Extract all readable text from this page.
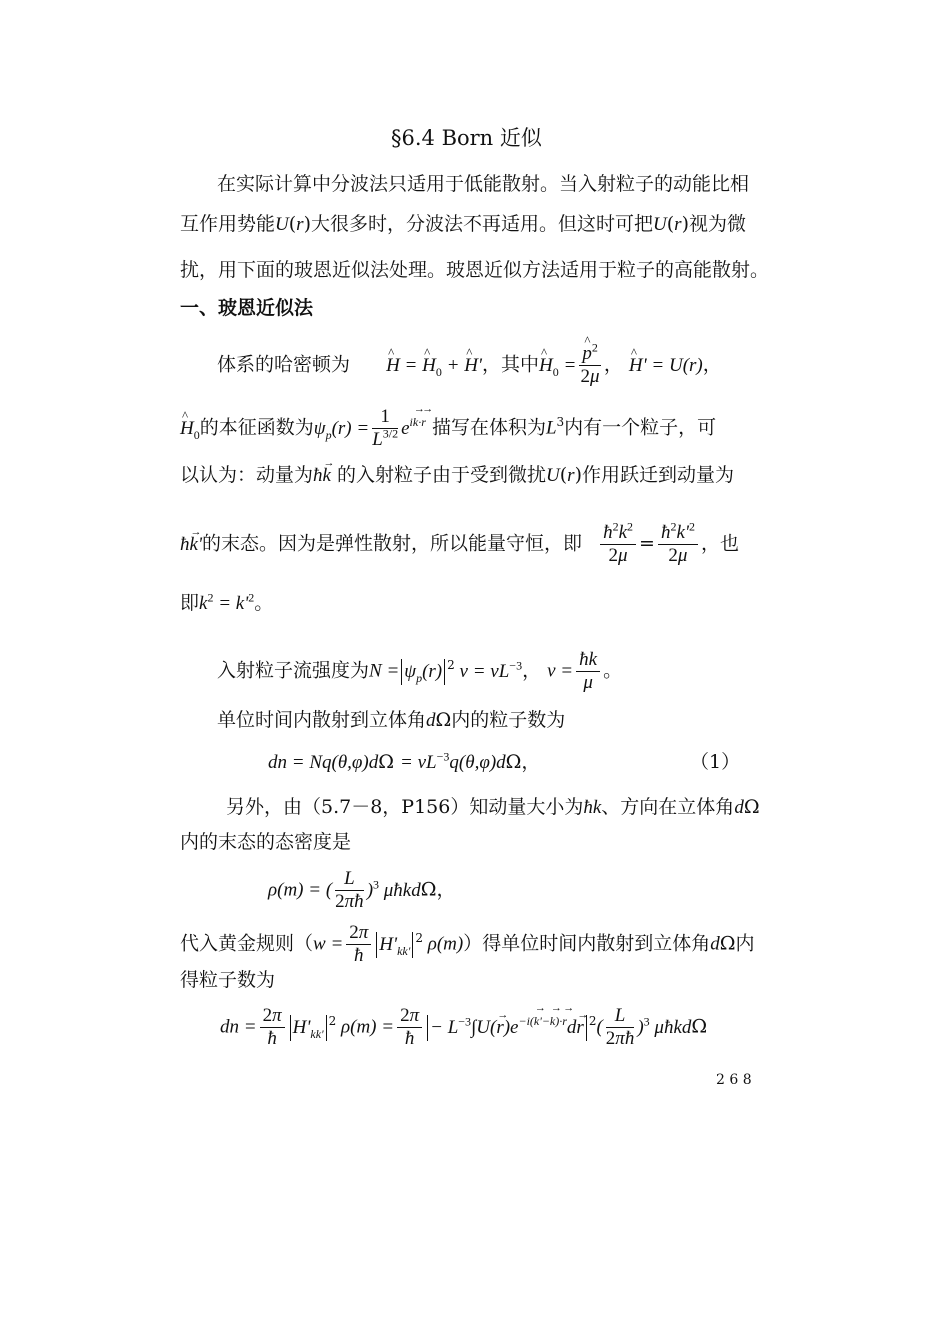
§6.4 Born 近似
在实际计算中分波法只适用于低能散射。当入射粒子的动能比相
互作用势能U(r)大很多时，分波法不再适用。但这时可把U(r)视为微
扰，用下面的玻恩近似法处理。玻恩近似方法适用于粒子的高能散射。
一、玻恩近似法
体系的哈密顿为 ^ H = ^ $H_0$ + ^ H'，其中^ $H_0$ = ^ $\frac{p^2}{2\mu}$ ， ^ H' = U(r)，
^ $H_0$的本征函数为$\psi_p(r) = \frac{1}{L^{3/2}} e^{ik\cdot r}$ 描写在体积为$L^3$内有一个粒子，可
以认为：动量为ħ→ k 的入射粒子由于受到微扰U(r)作用跃迁到动量为
ħ→ k'的末态。因为是弹性散射，所以能量守恒，即 $\frac{ħ^2k^2}{2\mu} = \frac{ħ^2k'^2}{2\mu}$ ，也
即$k^2 = k'^2$。
入射粒子流强度为$N = \psi_p(r)$ $^2$ $v = vL^{-3}$， $v = \frac{ħk}{\mu}$ 。
单位时间内散射到立体角dΩ内的粒子数为
dn = $Nq(\theta,\varphi)d\Omega = vL^{-3}q(\theta,\varphi)d\Omega$，	（1）
另外，由（5.7－8，P156）知动量大小为ħk、方向在立体角dΩ
内的末态的态密度是
ρ(m) = ( $\frac{L}{2\pi ħ} )^3$ μħkdΩ，
代入黄金规则（$w = \frac{2\pi}{ħ} H'_{kk'}^2$ ρ(m)）得单位时间内散射到立体角dΩ内
得粒子数为
dn = $\frac{2\pi}{ħ} H'_{kk'}^2$ $\rho(m) = \frac{2\pi}{ħ} - L^{-3}\int U(\to r)e^{-i(k'-k)\cdot r}d\to r$ $^2( \frac{L}{2\pi ħ} )^3$ μħkdΩ
2 6 8
